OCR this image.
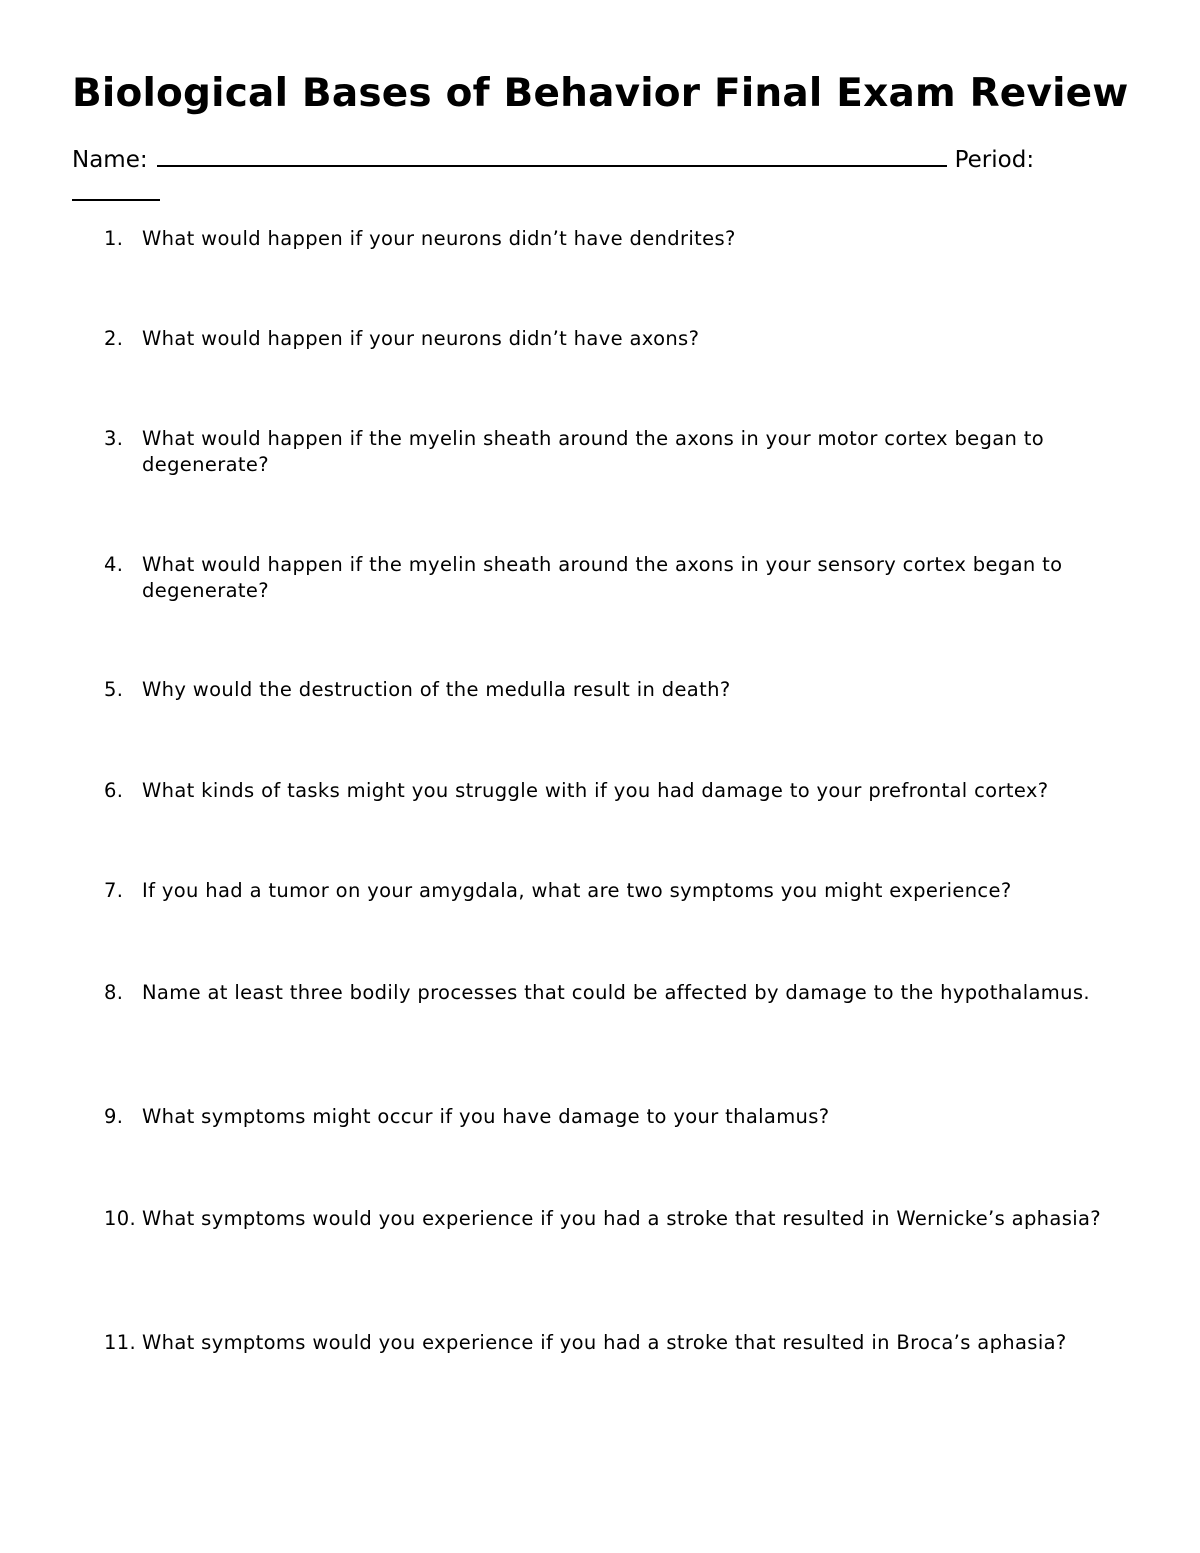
Biological Bases of Behavior Final Exam Review
Name:	Period:
1. What would happen if your neurons didn’t have dendrites?
2. What would happen if your neurons didn’t have axons?
3. What would happen if the myelin sheath around the axons in your motor cortex began to degenerate?
4. What would happen if the myelin sheath around the axons in your sensory cortex began to degenerate?
5. Why would the destruction of the medulla result in death?
6. What kinds of tasks might you struggle with if you had damage to your prefrontal cortex?
7. If you had a tumor on your amygdala, what are two symptoms you might experience?
8. Name at least three bodily processes that could be affected by damage to the hypothalamus.
9. What symptoms might occur if you have damage to your thalamus?
10. What symptoms would you experience if you had a stroke that resulted in Wernicke’s aphasia?
11. What symptoms would you experience if you had a stroke that resulted in Broca’s aphasia?
